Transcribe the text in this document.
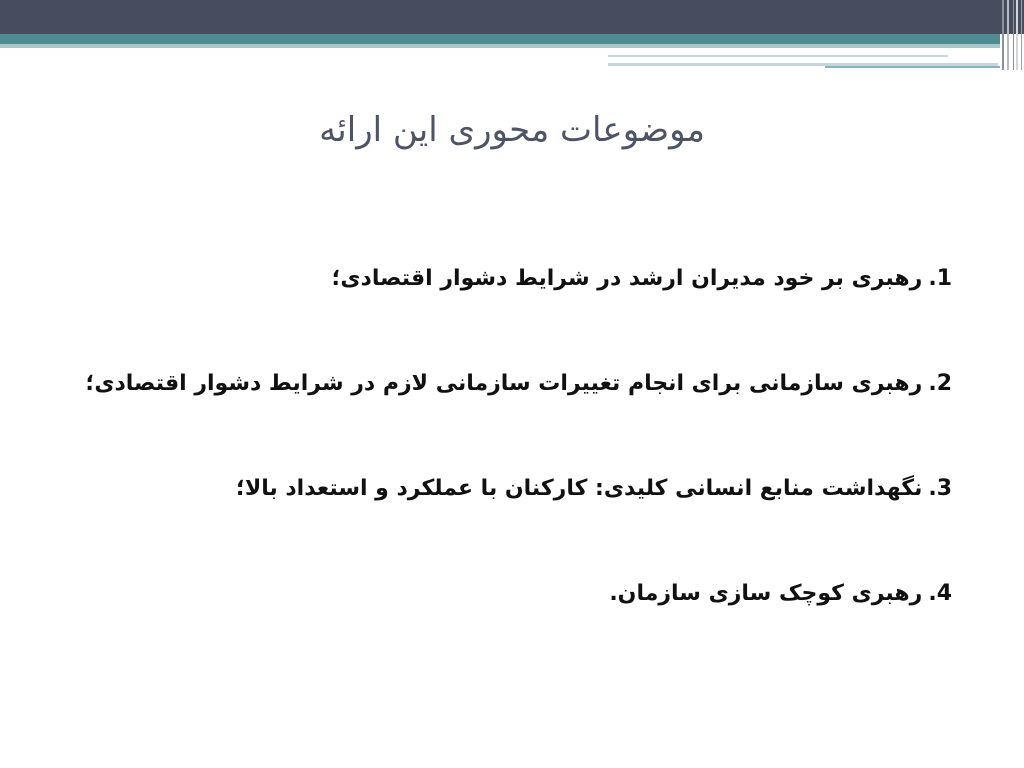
موضوعات محوری این ارائه
1.رهبری بر خود مدیران ارشد در شرایط دشوار اقتصادی؛
2.رهبری سازمانی برای انجام تغییرات سازمانی لازم در شرایط دشوار اقتصادی؛
3.نگهداشت منابع انسانی کلیدی: کارکنان با عملکرد و استعداد بالا؛
4.رهبری کوچک سازی سازمان.
